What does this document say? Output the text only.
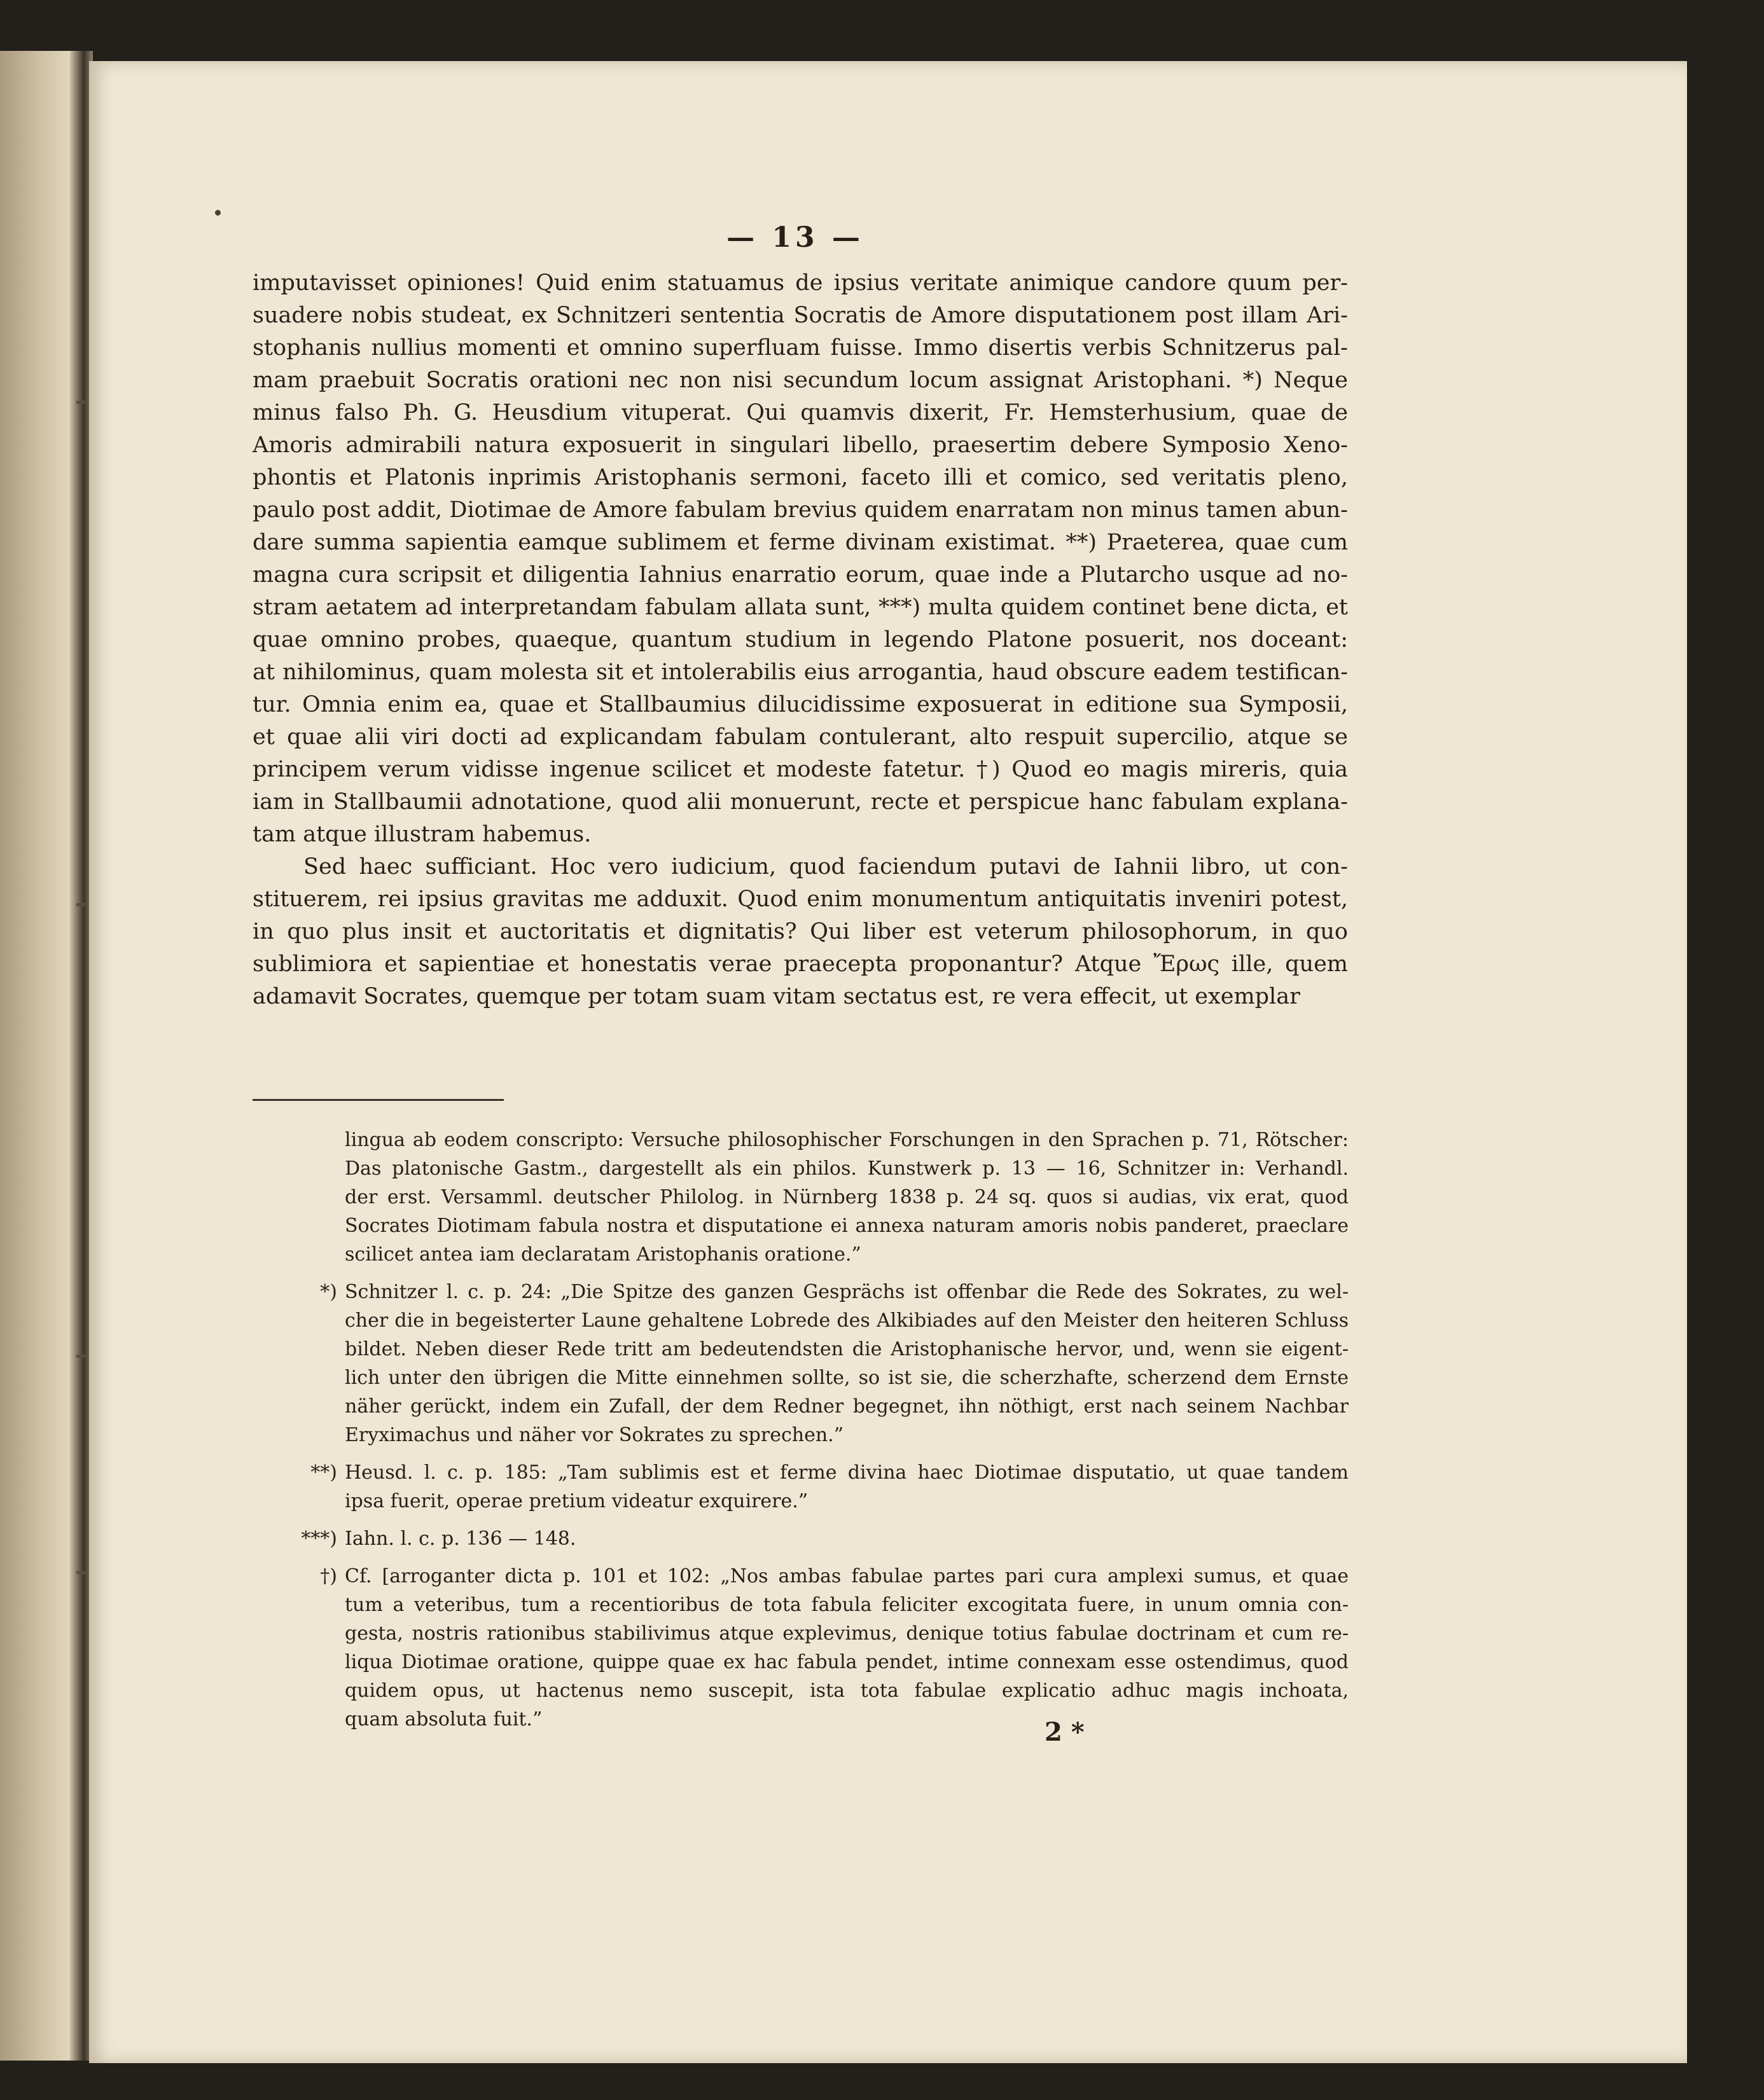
— 13 —
imputavisset opiniones! Quid enim statuamus de ipsius veritate animique candore quum per-
suadere nobis studeat, ex Schnitzeri sententia Socratis de Amore disputationem post illam Ari-
stophanis nullius momenti et omnino superfluam fuisse. Immo disertis verbis Schnitzerus pal-
mam praebuit Socratis orationi nec non nisi secundum locum assignat Aristophani. *) Neque
minus falso Ph. G. Heusdium vituperat. Qui quamvis dixerit, Fr. Hemsterhusium, quae de
Amoris admirabili natura exposuerit in singulari libello, praesertim debere Symposio Xeno-
phontis et Platonis inprimis Aristophanis sermoni, faceto illi et comico, sed veritatis pleno,
paulo post addit, Diotimae de Amore fabulam brevius quidem enarratam non minus tamen abun-
dare summa sapientia eamque sublimem et ferme divinam existimat. **) Praeterea, quae cum
magna cura scripsit et diligentia Iahnius enarratio eorum, quae inde a Plutarcho usque ad no-
stram aetatem ad interpretandam fabulam allata sunt, ***) multa quidem continet bene dicta, et
quae omnino probes, quaeque, quantum studium in legendo Platone posuerit, nos doceant:
at nihilominus, quam molesta sit et intolerabilis eius arrogantia, haud obscure eadem testifican-
tur. Omnia enim ea, quae et Stallbaumius dilucidissime exposuerat in editione sua Symposii,
et quae alii viri docti ad explicandam fabulam contulerant, alto respuit supercilio, atque se
principem verum vidisse ingenue scilicet et modeste fatetur. †) Quod eo magis mireris, quia
iam in Stallbaumii adnotatione, quod alii monuerunt, recte et perspicue hanc fabulam explana-
tam atque illustram habemus.
Sed haec sufficiant. Hoc vero iudicium, quod faciendum putavi de Iahnii libro, ut con-
stituerem, rei ipsius gravitas me adduxit. Quod enim monumentum antiquitatis inveniri potest,
in quo plus insit et auctoritatis et dignitatis? Qui liber est veterum philosophorum, in quo
sublimiora et sapientiae et honestatis verae praecepta proponantur? Atque Ἔρως ille, quem
adamavit Socrates, quemque per totam suam vitam sectatus est, re vera effecit, ut exemplar
lingua ab eodem conscripto: Versuche philosophischer Forschungen in den Sprachen p. 71, Rötscher:
Das platonische Gastm., dargestellt als ein philos. Kunstwerk p. 13 — 16, Schnitzer in: Verhandl.
der erst. Versamml. deutscher Philolog. in Nürnberg 1838 p. 24 sq. quos si audias, vix erat, quod
Socrates Diotimam fabula nostra et disputatione ei annexa naturam amoris nobis panderet, praeclare
scilicet antea iam declaratam Aristophanis oratione.”
*) Schnitzer l. c. p. 24: „Die Spitze des ganzen Gesprächs ist offenbar die Rede des Sokrates, zu wel-
cher die in begeisterter Laune gehaltene Lobrede des Alkibiades auf den Meister den heiteren Schluss
bildet. Neben dieser Rede tritt am bedeutendsten die Aristophanische hervor, und, wenn sie eigent-
lich unter den übrigen die Mitte einnehmen sollte, so ist sie, die scherzhafte, scherzend dem Ernste
näher gerückt, indem ein Zufall, der dem Redner begegnet, ihn nöthigt, erst nach seinem Nachbar
Eryximachus und näher vor Sokrates zu sprechen.”
**) Heusd. l. c. p. 185: „Tam sublimis est et ferme divina haec Diotimae disputatio, ut quae tandem
ipsa fuerit, operae pretium videatur exquirere.”
***) Iahn. l. c. p. 136 — 148.
†) Cf. [arroganter dicta p. 101 et 102: „Nos ambas fabulae partes pari cura amplexi sumus, et quae
tum a veteribus, tum a recentioribus de tota fabula feliciter excogitata fuere, in unum omnia con-
gesta, nostris rationibus stabilivimus atque explevimus, denique totius fabulae doctrinam et cum re-
liqua Diotimae oratione, quippe quae ex hac fabula pendet, intime connexam esse ostendimus, quod
quidem opus, ut hactenus nemo suscepit, ista tota fabulae explicatio adhuc magis inchoata,
quam absoluta fuit.”	2 *
